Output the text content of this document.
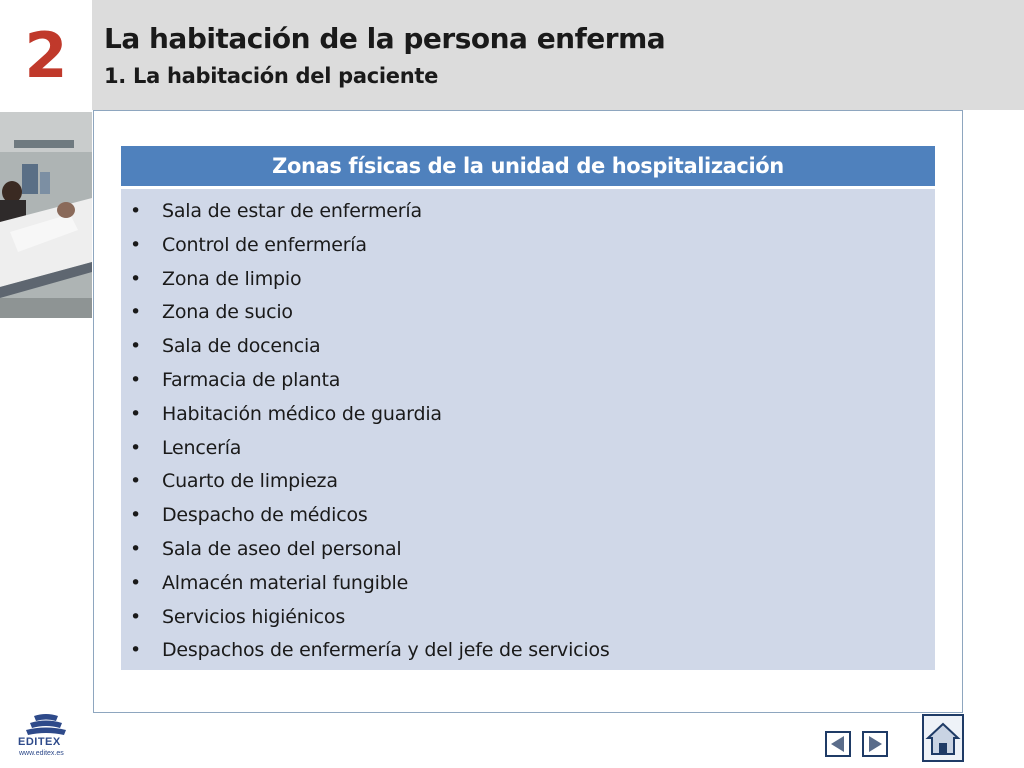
2	La habitación de la persona enferma
1. La habitación del paciente
Zonas físicas de la unidad de hospitalización
• Sala de estar de enfermería
• Control de enfermería
• Zona de limpio
• Zona de sucio
• Sala de docencia
• Farmacia de planta
• Habitación médico de guardia
• Lencería
• Cuarto de limpieza
• Despacho de médicos
• Sala de aseo del personal
• Almacén material fungible
• Servicios higiénicos
• Despachos de enfermería y del jefe de servicios
EDITEX
www.editex.es
